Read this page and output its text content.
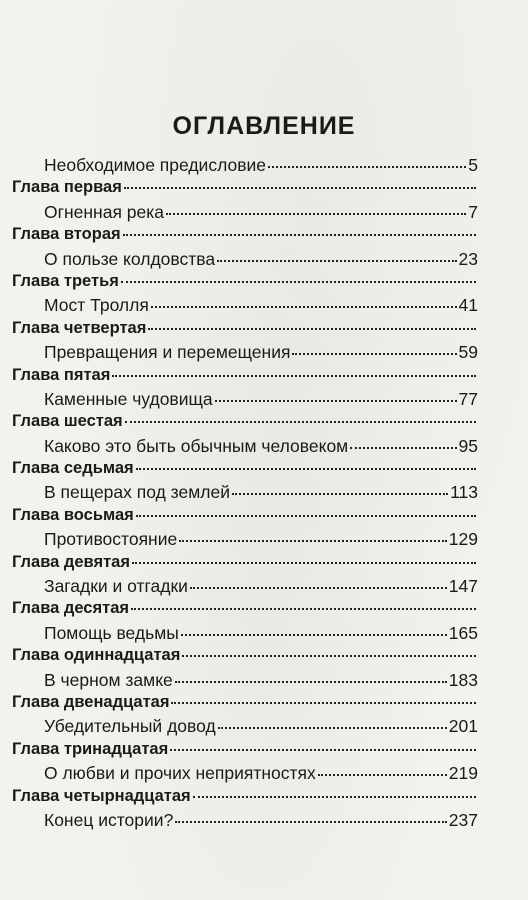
ОГЛАВЛЕНИЕ
Необходимое предисловие	5
Глава первая
Огненная река	7
Глава вторая
О пользе колдовства	23
Глава третья
Мост Тролля	41
Глава четвертая
Превращения и перемещения	59
Глава пятая
Каменные чудовища	77
Глава шестая
Каково это быть обычным человеком	95
Глава седьмая
В пещерах под землей	113
Глава восьмая
Противостояние	129
Глава девятая
Загадки и отгадки	147
Глава десятая
Помощь ведьмы	165
Глава одиннадцатая
В черном замке	183
Глава двенадцатая
Убедительный довод	201
Глава тринадцатая
О любви и прочих неприятностях	219
Глава четырнадцатая
Конец истории?	237
